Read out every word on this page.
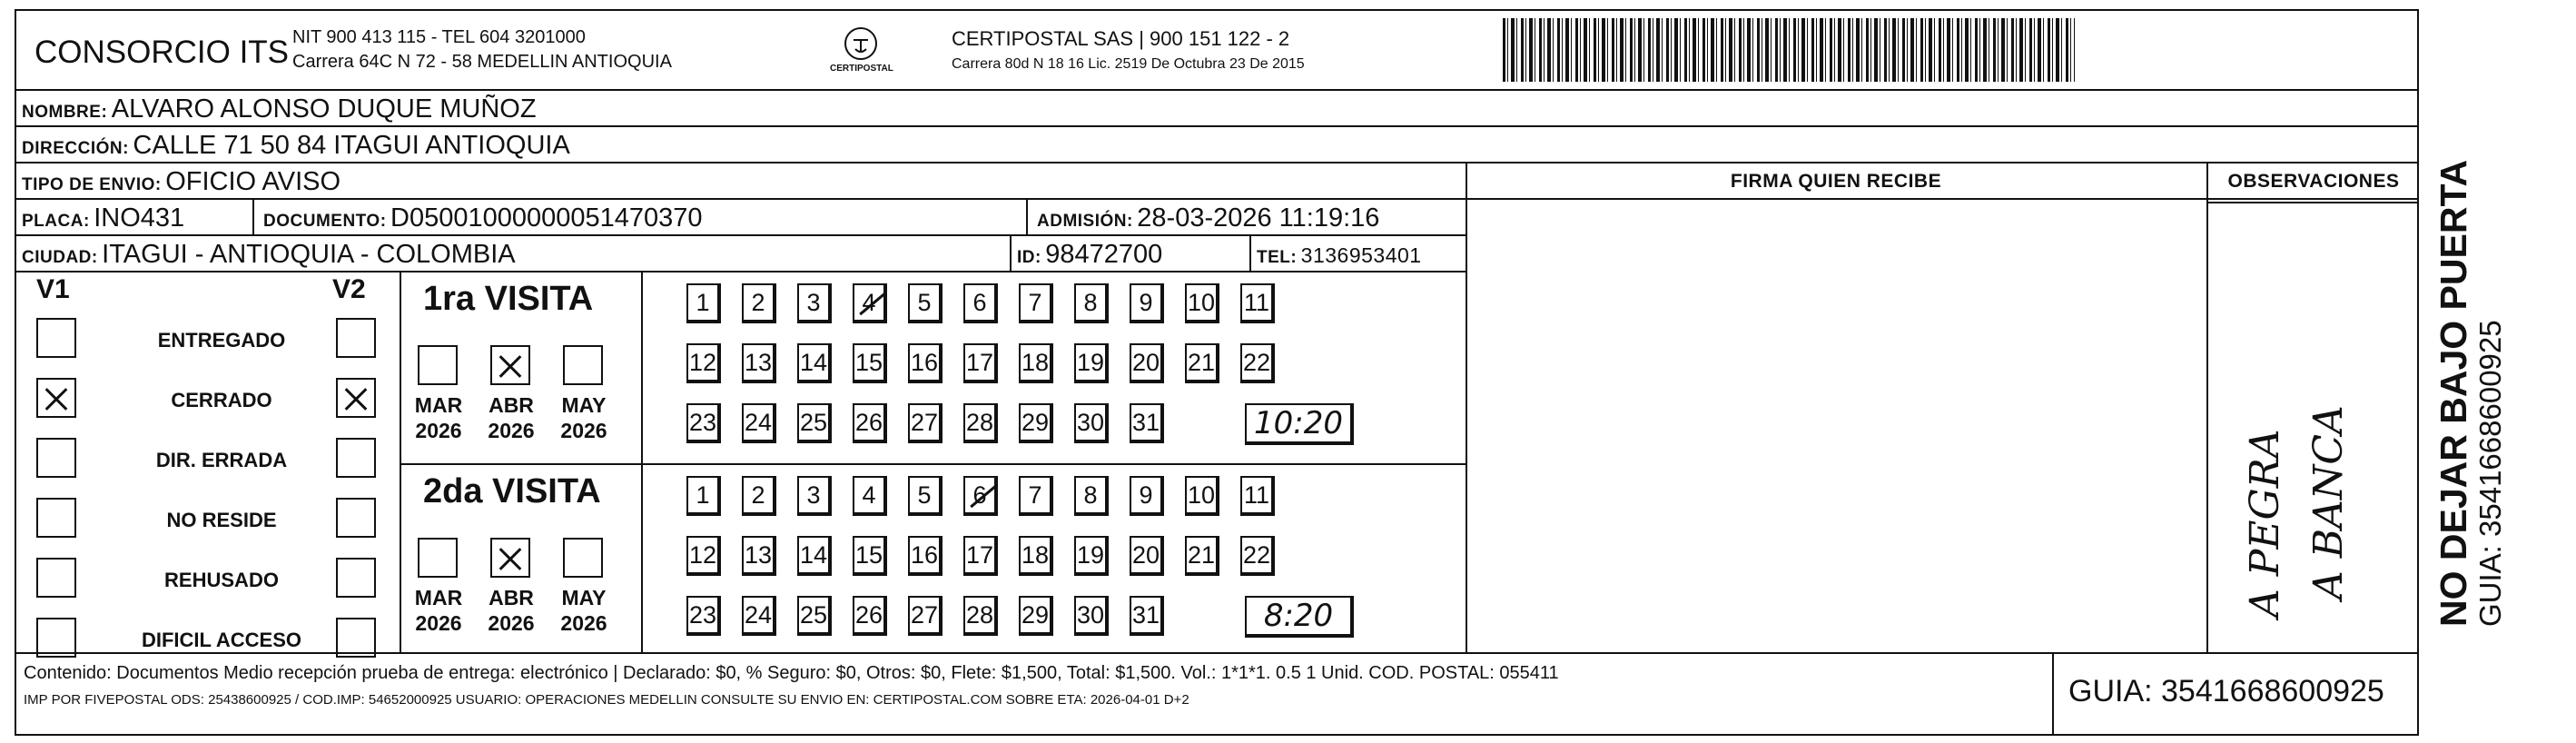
CONSORCIO ITS NIT 900 413 115 - TEL 604 3201000
Carrera 64C N 72 - 58 MEDELLIN ANTIOQUIA	CERTIPOSTAL
CERTIPOSTAL SAS | 900 151 122 - 2
Carrera 80d N 18 16 Lic. 2519 De Octubra 23 De 2015
NOMBRE: ALVARO ALONSO DUQUE MUÑOZ
DIRECCIÓN: CALLE 71 50 84 ITAGUI ANTIOQUIA
TIPO DE ENVIO: OFICIO AVISO
PLACA: INO431	DOCUMENTO: D05001000000051470370	ADMISIÓN: 28-03-2026 11:19:16
CIUDAD: ITAGUI - ANTIOQUIA - COLOMBIA	ID: 98472700	TEL: 3136953401
FIRMA QUIEN RECIBE	OBSERVACIONES
A PEGRA A BANCA
V1	V2
ENTREGADO
CERRADO
DIR. ERRADA
NO RESIDE
REHUSADO
DIFICIL ACCESO
1ra VISITA
MAR
2026
ABR
2026
MAY
2026
1	2	3	4	5	6	7	8	9	10 11
12 13 14 15 16 17 18 19 20 21 22
23 24 25 26 27 28 29 30 31	10:20
2da VISITA
MAR
2026
ABR
2026
MAY
2026
1	2	3	4	5	6	7	8	9	10 11
12 13 14 15 16 17 18 19 20 21 22
23 24 25 26 27 28 29 30 31	8:20
Contenido: Documentos Medio recepción prueba de entrega: electrónico | Declarado: $0, % Seguro: $0, Otros: $0, Flete: $1,500, Total: $1,500. Vol.: 1*1*1. 0.5 1 Unid. COD. POSTAL: 055411
IMP POR FIVEPOSTAL ODS: 25438600925 / COD.IMP: 54652000925 USUARIO: OPERACIONES MEDELLIN CONSULTE SU ENVIO EN: CERTIPOSTAL.COM SOBRE ETA: 2026-04-01 D+2	GUIA: 3541668600925
NO DEJAR BAJO PUERTA GUIA: 3541668600925
